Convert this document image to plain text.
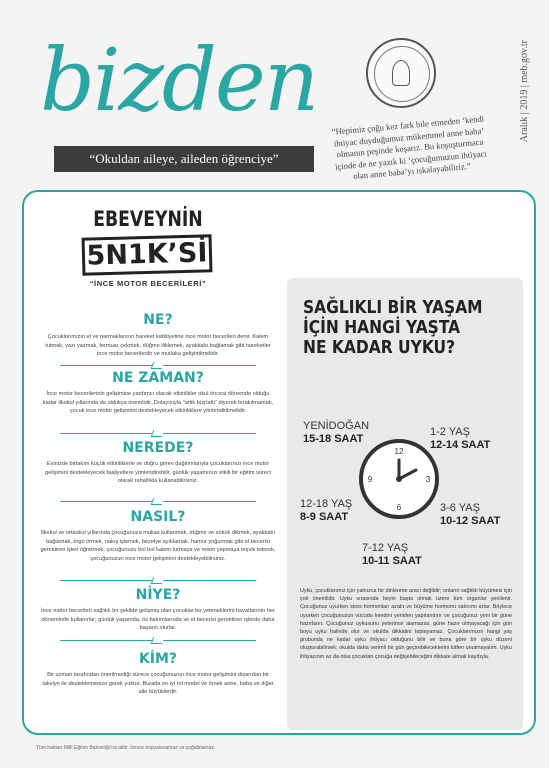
bizden
“Okuldan aileye, aileden öğrenciye”
Aralık | 2019 | meb.gov.tr
“Hepimiz çoğu kez fark bile etmeden ‘kendi ihtiyac duyduğumuz mükemmel anne baba’ olmanın peşinde koşarız. Bu koşuşturmaca içinde de ne yazık ki ‘çocuğumuzun ihtiyacı olan anne baba’yı ıskalayabiliriz.”
EBEVEYNİN
5N1K’Sİ
“İNCE MOTOR BECERİLERİ”
NE?
Çocuklarımızın el ve parmaklarının hareket kabiliyetine ince motor becerileri denir. Kalem tutmak, yazı yazmak, fermuar çekmek, düğme iliklemek, ayakkabı bağlamak gibi hareketler ince motor becerilerdir ve mutlaka geliştirilmelidir.
NE ZAMAN?
İnce motor becerilerinin gelişimine yardımcı olacak etkinlikler okul öncesi dönemde olduğu kadar ilkokul yıllarında da oldukça önemlidir. Dolayısıyla “artik büyüdü” diyerek bırakılmamalı, çocuk ince motor gelişimini destekleyecek etkinliklere yönlendirilmelidir.
NEREDE?
Evinizde birtakım küçük etkinliklerle ve doğru görev dağılımlarıyla çocuklarınızı ince motor gelişimini destekleyecek faaliyetlere yönlendirebilir, günlük yaşamınızı etkili bir eğitim süreci olarak rahatlıkla kullanabilirsiniz.
NASIL?
İlkokul ve ortaokul yıllarında çocuğunuza makas kullanmak, düğme ve sökük dikmek, ayakkabı bağlamak, örgü örmek, nakış işlemek, bezelye ayıklamak, hamur yoğurmak gibi el becerisi gerektiren işleri öğretmek, çocuğunuzu bol bol kalem tutmaya ve resim yapmaya teşvik ederek, çocuğunuzun ince motor gelişimini destekleyebilirsiniz.
NİYE?
İnce motor becerileri sağlıklı bir şekilde gelişmiş olan çocuklar bu yeteneklerini hayatlarının her döneminde kullanırlar; günlük yaşamda, öz bakımlarında ve el becerisi gerektiren işlerde daha başarılı olurlar.
KİM?
Bir uzman tarafından önerilmediği sürece çocuğunuzun ince motor gelişimini dışarıdan bir takviye ile desteklemenize gerek yoktur. Burada en iyi rol model ve örnek anne, baba ve diğer aile büyüklerdir.
SAĞLIKLI BİR YAŞAM İÇİN HANGİ YAŞTA NE KADAR UYKU?
YENİDOĞAN
15-18 SAAT
1-2 YAŞ
12-14 SAAT
12-18 YAŞ
8-9 SAAT
3-6 YAŞ
10-12 SAAT
7-12 YAŞ
10-11 SAAT
12
3
6
9
Uyku, çocuklarımız için yalnızca bir dinlenme aracı değildir; onların sağlıklı büyümesi için çok önemlidir. Uyku sırasında beyin başta olmak üzere tüm organlar yenilenir. Çocuğunuz uyurken stres hormonları azalır ve büyüme hormonu salınımı artar. Böylece uyurken çocuğunuzun vücudu kendini yeniden yapılandırır ve çocuğunuz yeni bir güne hazırlanır. Çocuğunuz uykusunu yeterince alamazsa, güne hazır olmayacağı için gün boyu uyku halinde olur ve okulda dikkatini toplayamaz. Çocuklarımızın hangi yaş grubunda ne kadar uyku ihtiyacı olduğunu bilir ve buna göre bir uyku düzeni oluşturabilirsek; okulda daha verimli bir gün geçirebileceklerini lütfen unutmayalım. Uyku ihtiyacının az da olsa çocuktan çocuğa değişebileceğini dikkate almak kaydıyla.
Tüm hakları Millî Eğitim Bakanlığı’na aittir. İzinsiz kopyalanamaz ve çoğaltılamaz.
